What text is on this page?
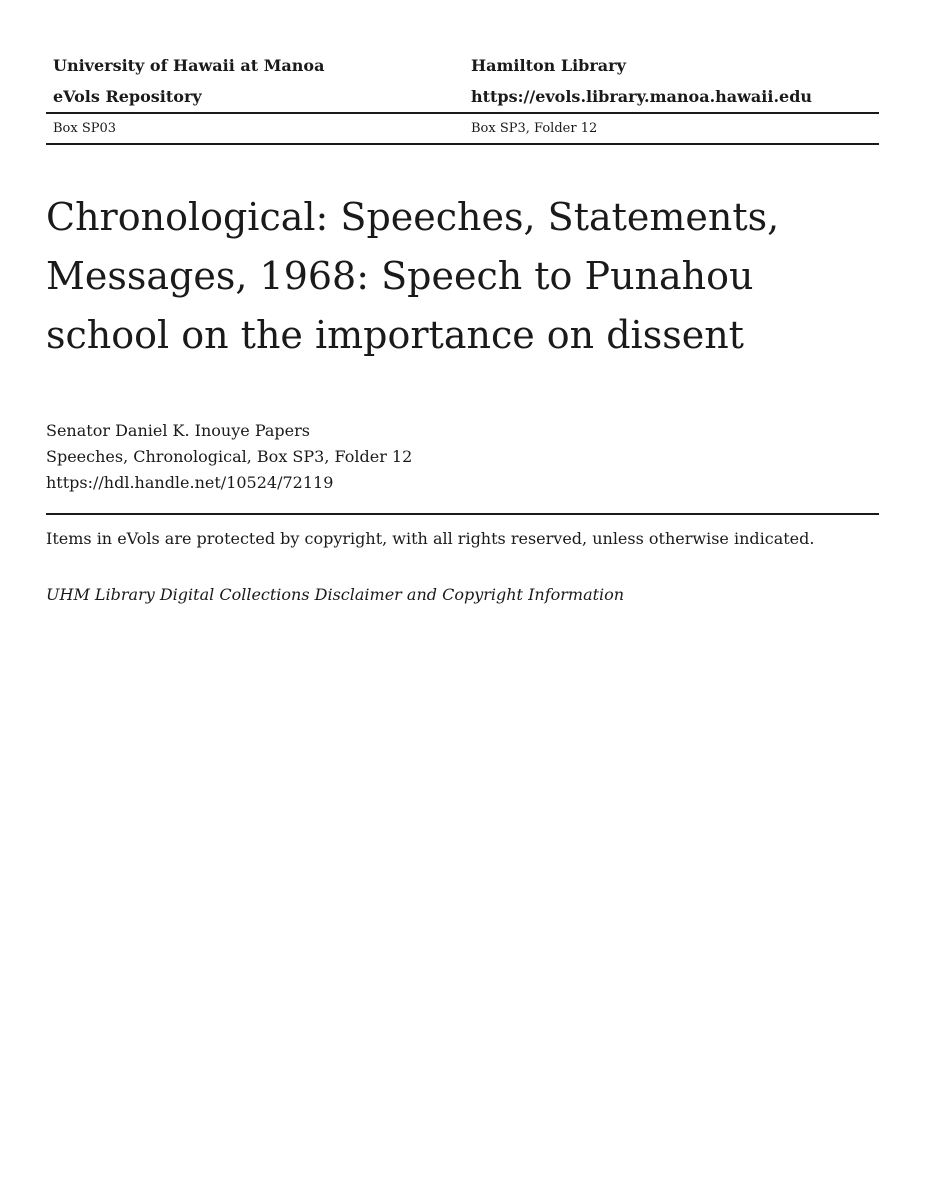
University of Hawaii at Manoa	Hamilton Library
eVols Repository	https://evols.library.manoa.hawaii.edu
Box SP03	Box SP3, Folder 12
Chronological: Speeches, Statements, Messages, 1968: Speech to Punahou school on the importance on dissent
Senator Daniel K. Inouye Papers
Speeches, Chronological, Box SP3, Folder 12
https://hdl.handle.net/10524/72119
Items in eVols are protected by copyright, with all rights reserved, unless otherwise indicated.
UHM Library Digital Collections Disclaimer and Copyright Information
